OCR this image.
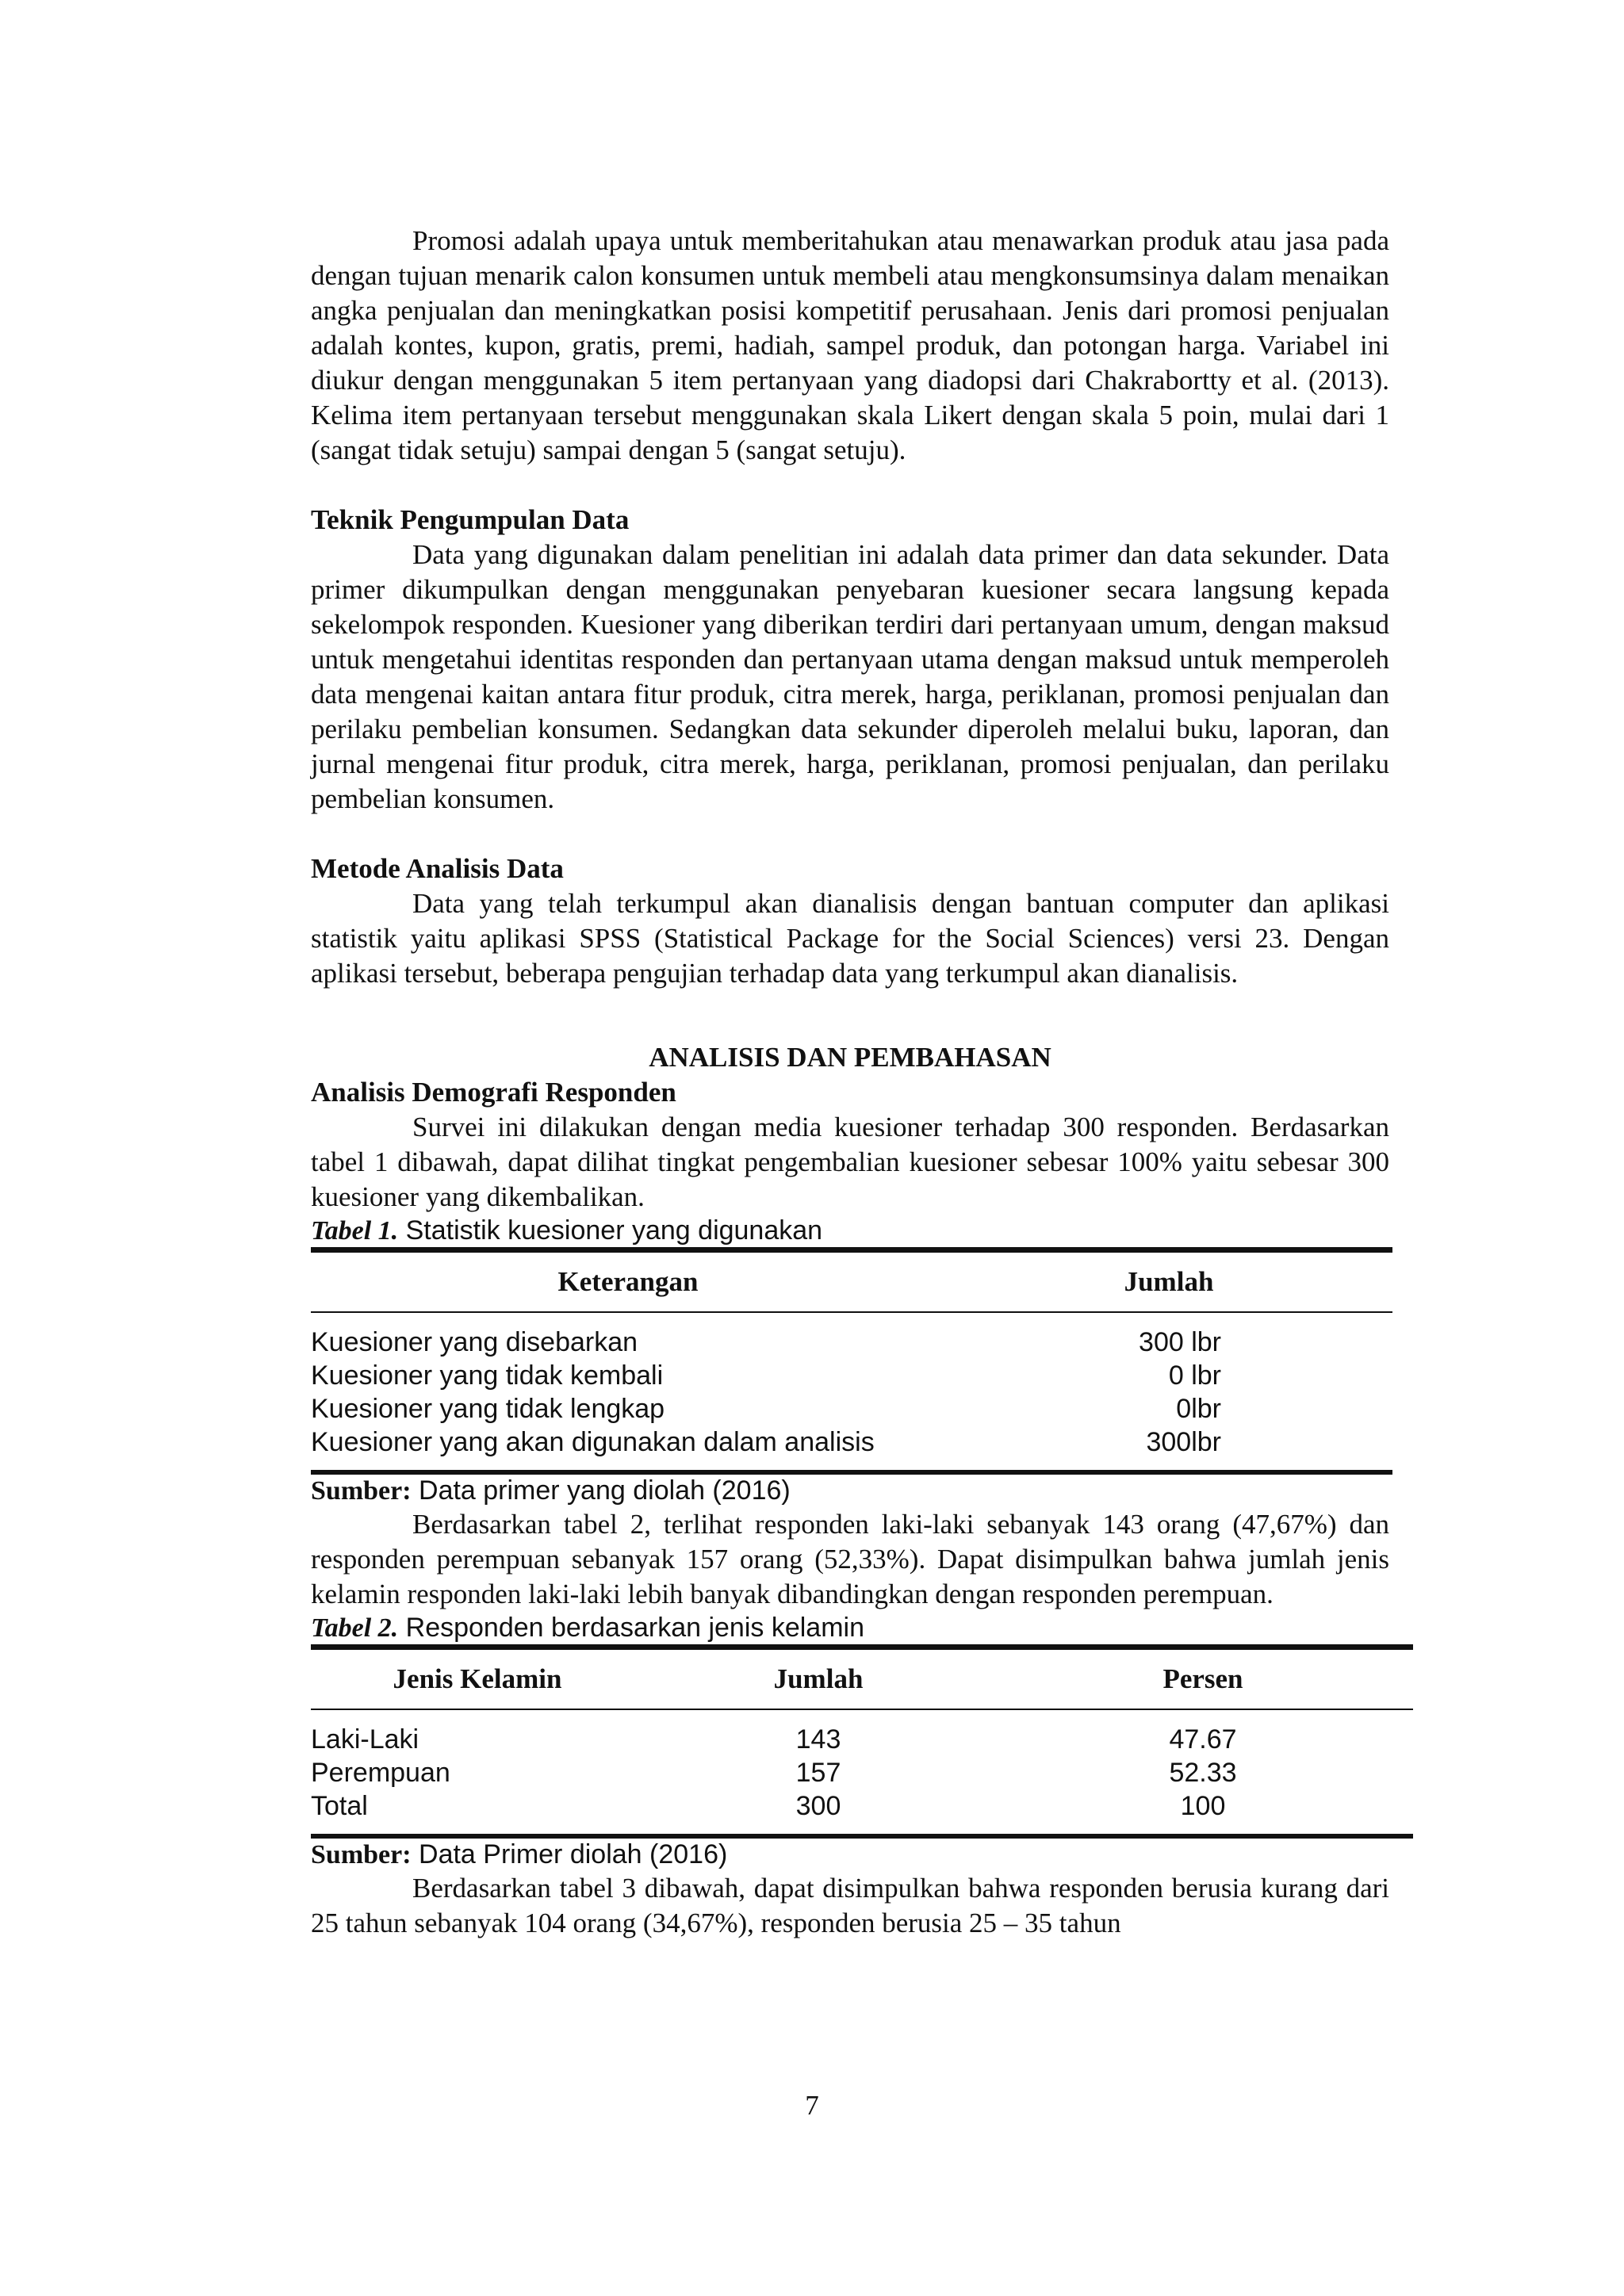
Promosi adalah upaya untuk memberitahukan atau menawarkan produk atau jasa pada dengan tujuan menarik calon konsumen untuk membeli atau mengkonsumsinya dalam menaikan angka penjualan dan meningkatkan posisi kompetitif perusahaan. Jenis dari promosi penjualan adalah kontes, kupon, gratis, premi, hadiah, sampel produk, dan potongan harga. Variabel ini diukur dengan menggunakan 5 item pertanyaan yang diadopsi dari Chakrabortty et al. (2013). Kelima item pertanyaan tersebut menggunakan skala Likert dengan skala 5 poin, mulai dari 1 (sangat tidak setuju) sampai dengan 5 (sangat setuju).

Teknik Pengumpulan Data

Data yang digunakan dalam penelitian ini adalah data primer dan data sekunder. Data primer dikumpulkan dengan menggunakan penyebaran kuesioner secara langsung kepada sekelompok responden. Kuesioner yang diberikan terdiri dari pertanyaan umum, dengan maksud untuk mengetahui identitas responden dan pertanyaan utama dengan maksud untuk memperoleh data mengenai kaitan antara fitur produk, citra merek, harga, periklanan, promosi penjualan dan perilaku pembelian konsumen. Sedangkan data sekunder diperoleh melalui buku, laporan, dan jurnal mengenai fitur produk, citra merek, harga, periklanan, promosi penjualan, dan perilaku pembelian konsumen.

Metode Analisis Data

Data yang telah terkumpul akan dianalisis dengan bantuan computer dan aplikasi statistik yaitu aplikasi SPSS (Statistical Package for the Social Sciences) versi 23. Dengan aplikasi tersebut, beberapa pengujian terhadap data yang terkumpul akan dianalisis.

ANALISIS DAN PEMBAHASAN
Analisis Demografi Responden

Survei ini dilakukan dengan media kuesioner terhadap 300 responden. Berdasarkan tabel 1 dibawah, dapat dilihat tingkat pengembalian kuesioner sebesar 100% yaitu sebesar 300 kuesioner yang dikembalikan.

Tabel 1. Statistik kuesioner yang digunakan
Keterangan	Jumlah
Kuesioner yang disebarkan	300 lbr
Kuesioner yang tidak kembali	0 lbr
Kuesioner yang tidak lengkap	0lbr
Kuesioner yang akan digunakan dalam analisis	300lbr
Sumber: Data primer yang diolah (2016)

Berdasarkan tabel 2, terlihat responden laki-laki sebanyak 143 orang (47,67%) dan responden perempuan sebanyak 157 orang (52,33%). Dapat disimpulkan bahwa jumlah jenis kelamin responden laki-laki lebih banyak dibandingkan dengan responden perempuan.

Tabel 2. Responden berdasarkan jenis kelamin
Jenis Kelamin	Jumlah	Persen
Laki-Laki	143	47.67
Perempuan	157	52.33
Total	300	100
Sumber: Data Primer diolah (2016)

Berdasarkan tabel 3 dibawah, dapat disimpulkan bahwa responden berusia kurang dari 25 tahun sebanyak 104 orang (34,67%), responden berusia 25 – 35 tahun

7
